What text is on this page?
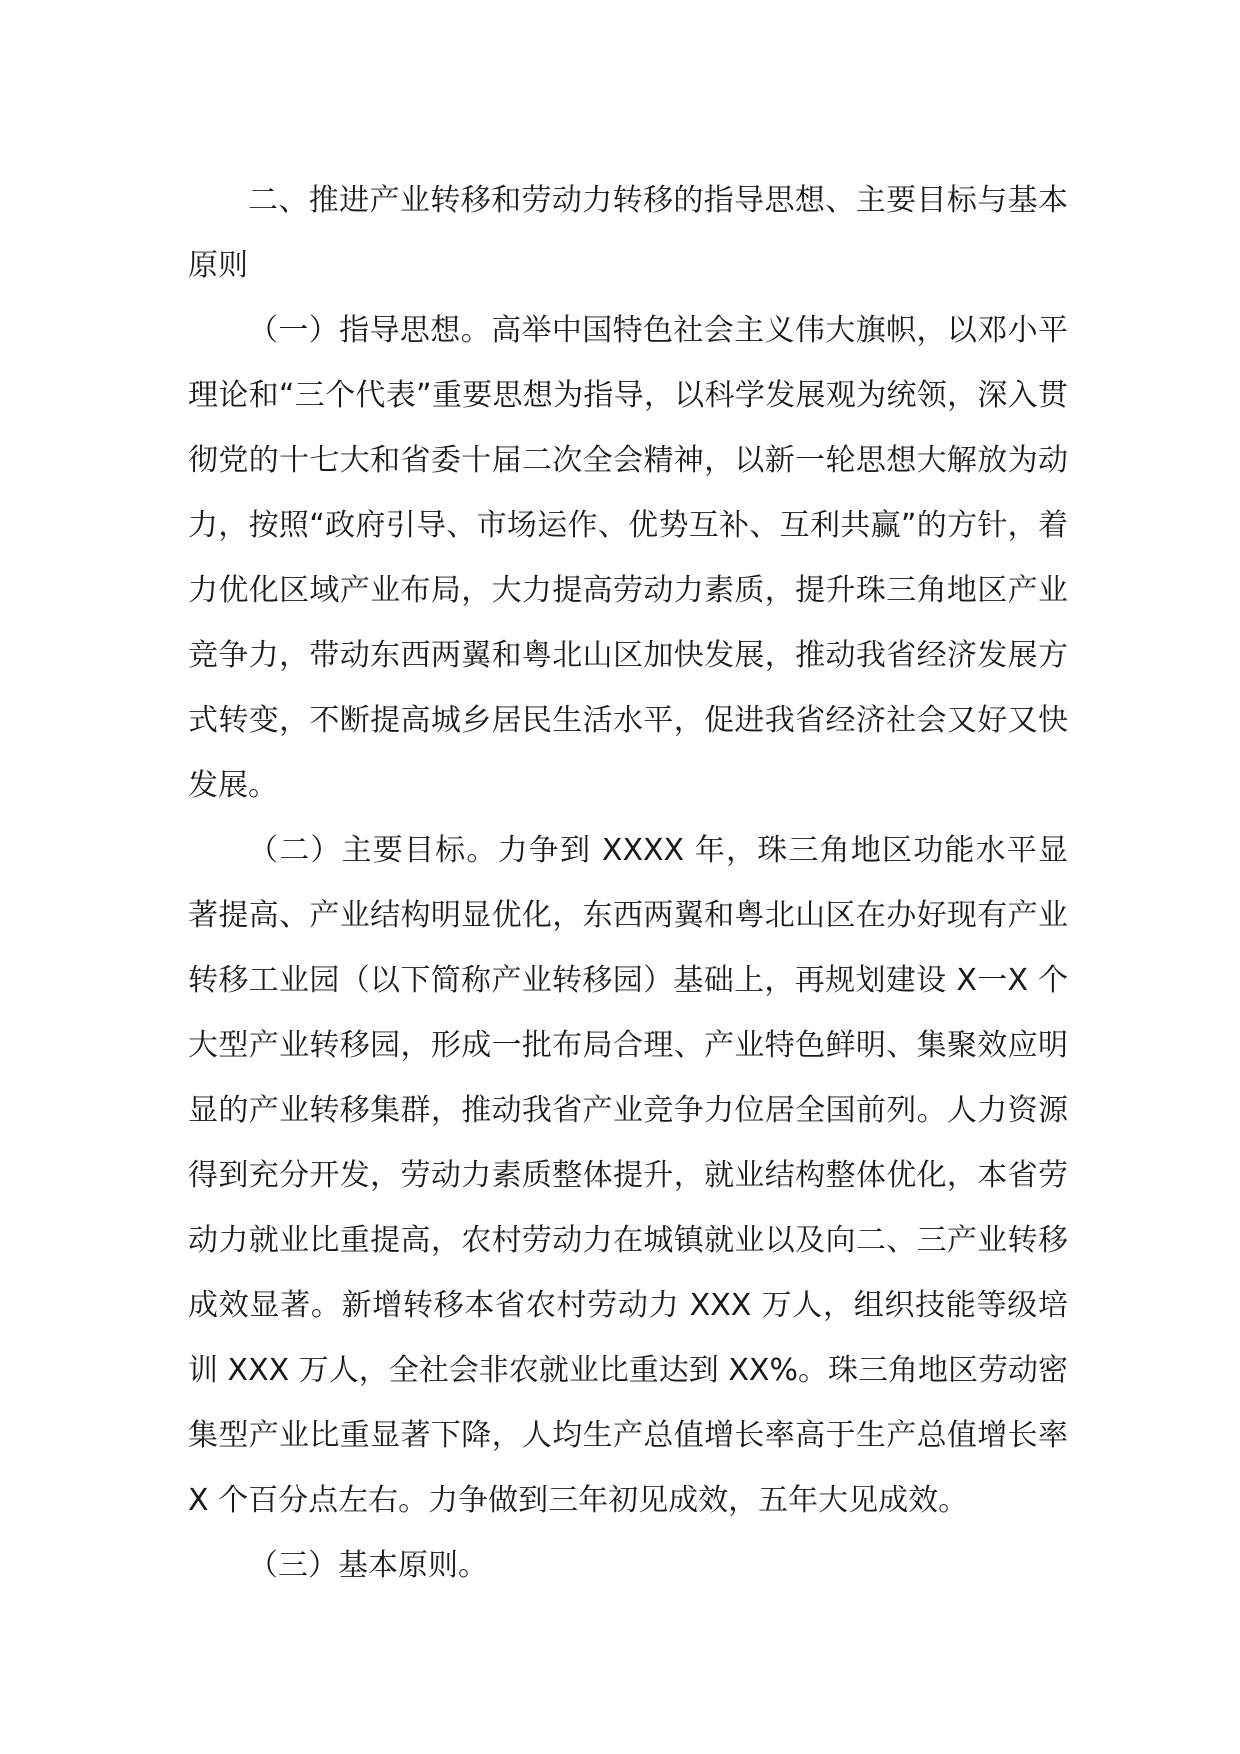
二、推进产业转移和劳动力转移的指导思想、主要目标与基本原则

（一）指导思想。高举中国特色社会主义伟大旗帜，以邓小平理论和“三个代表”重要思想为指导，以科学发展观为统领，深入贯彻党的十七大和省委十届二次全会精神，以新一轮思想大解放为动力，按照“政府引导、市场运作、优势互补、互利共赢”的方针，着力优化区域产业布局，大力提高劳动力素质，提升珠三角地区产业竞争力，带动东西两翼和粤北山区加快发展，推动我省经济发展方式转变，不断提高城乡居民生活水平，促进我省经济社会又好又快发展。

（二）主要目标。力争到 XXXX 年，珠三角地区功能水平显著提高、产业结构明显优化，东西两翼和粤北山区在办好现有产业转移工业园（以下简称产业转移园）基础上，再规划建设 X一X 个大型产业转移园，形成一批布局合理、产业特色鲜明、集聚效应明显的产业转移集群，推动我省产业竞争力位居全国前列。人力资源得到充分开发，劳动力素质整体提升，就业结构整体优化，本省劳动力就业比重提高，农村劳动力在城镇就业以及向二、三产业转移成效显著。新增转移本省农村劳动力 XXX 万人，组织技能等级培训 XXX 万人，全社会非农就业比重达到 XX%。珠三角地区劳动密集型产业比重显著下降，人均生产总值增长率高于生产总值增长率 X 个百分点左右。力争做到三年初见成效，五年大见成效。

（三）基本原则。
